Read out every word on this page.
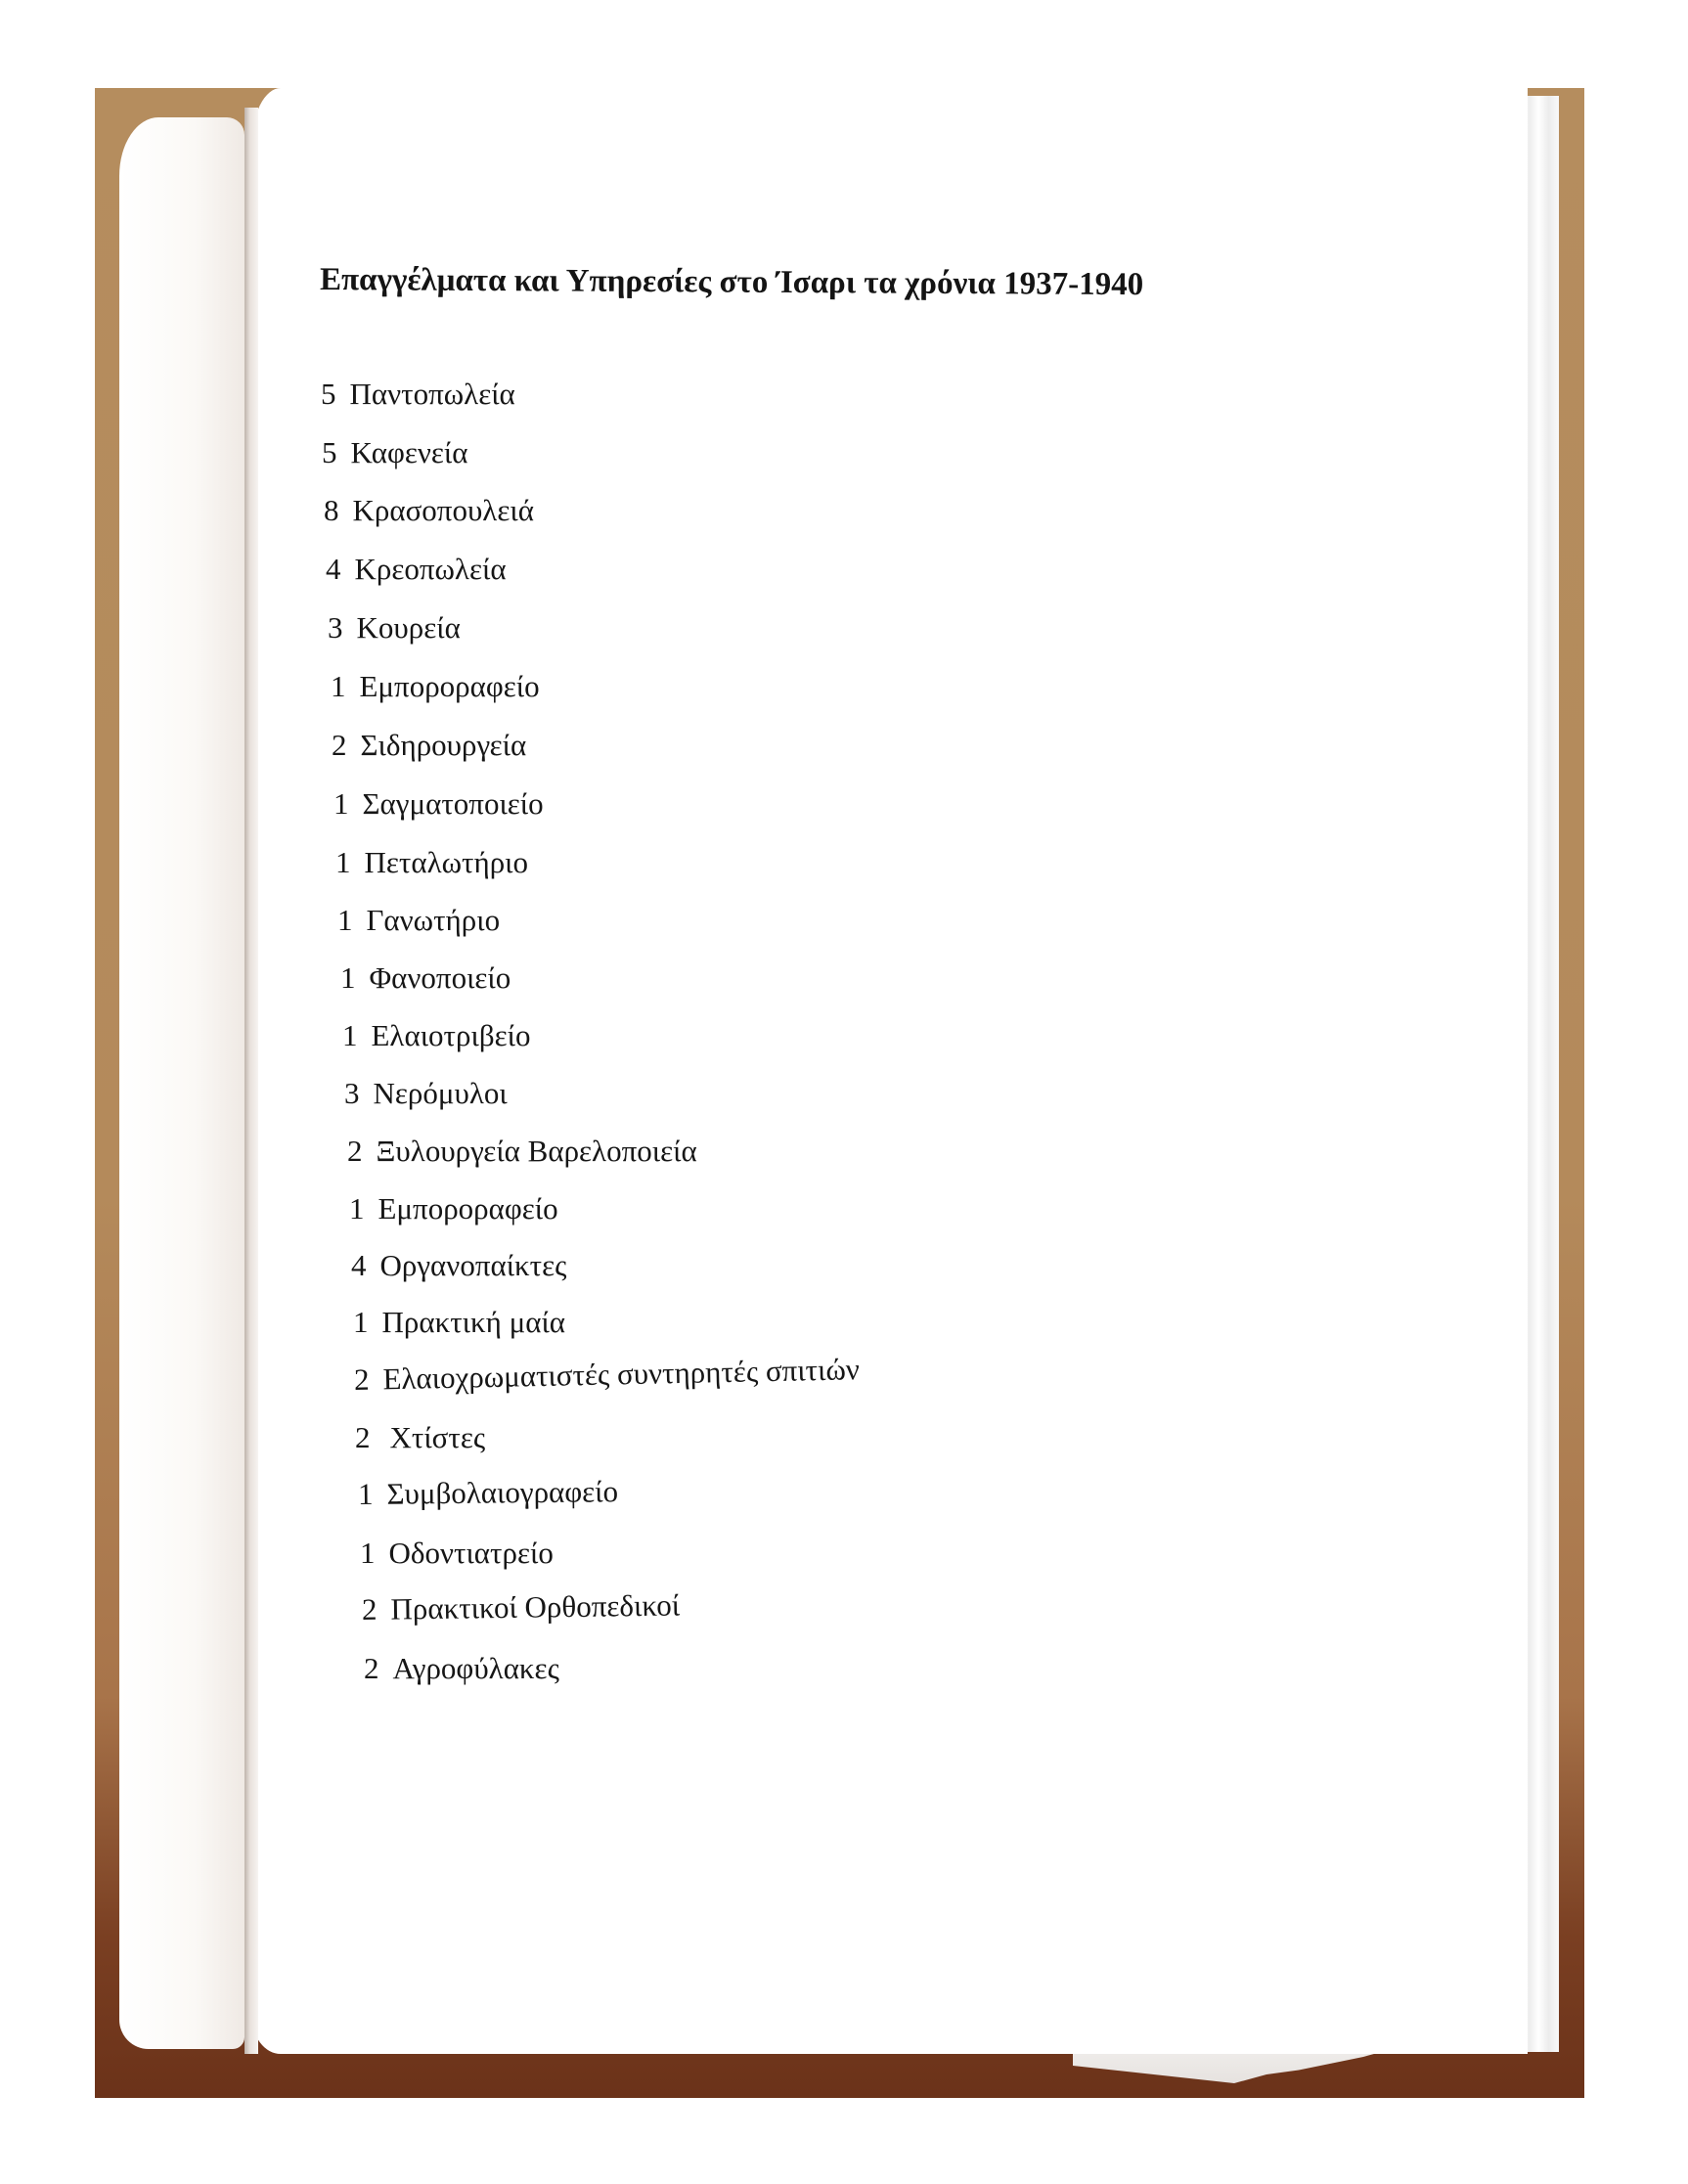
Επαγγέλματα και Υπηρεσίες στο Ίσαρι τα χρόνια 1937-1940
5 Παντοπωλεία
5 Καφενεία
8 Κρασοπουλειά
4 Κρεοπωλεία
3 Κουρεία
1 Εμπορoραφείο
2 Σιδηρουργεία
1 Σαγματοποιείο
1 Πεταλωτήριο
1 Γανωτήριο
1 Φανοποιείο
1 Ελαιοτριβείο
3 Νερόμυλοι
2 Ξυλουργεία Βαρελοποιεία
1 Εμπορoραφείο
4 Οργανοπαίκτες
1 Πρακτική μαία
2 Ελαιοχρωματιστές συντηρητές σπιτιών
2 Χτίστες
1 Συμβολαιογραφείο
1 Οδοντιατρείο
2 Πρακτικοί Ορθοπεδικοί
2 Αγροφύλακες
